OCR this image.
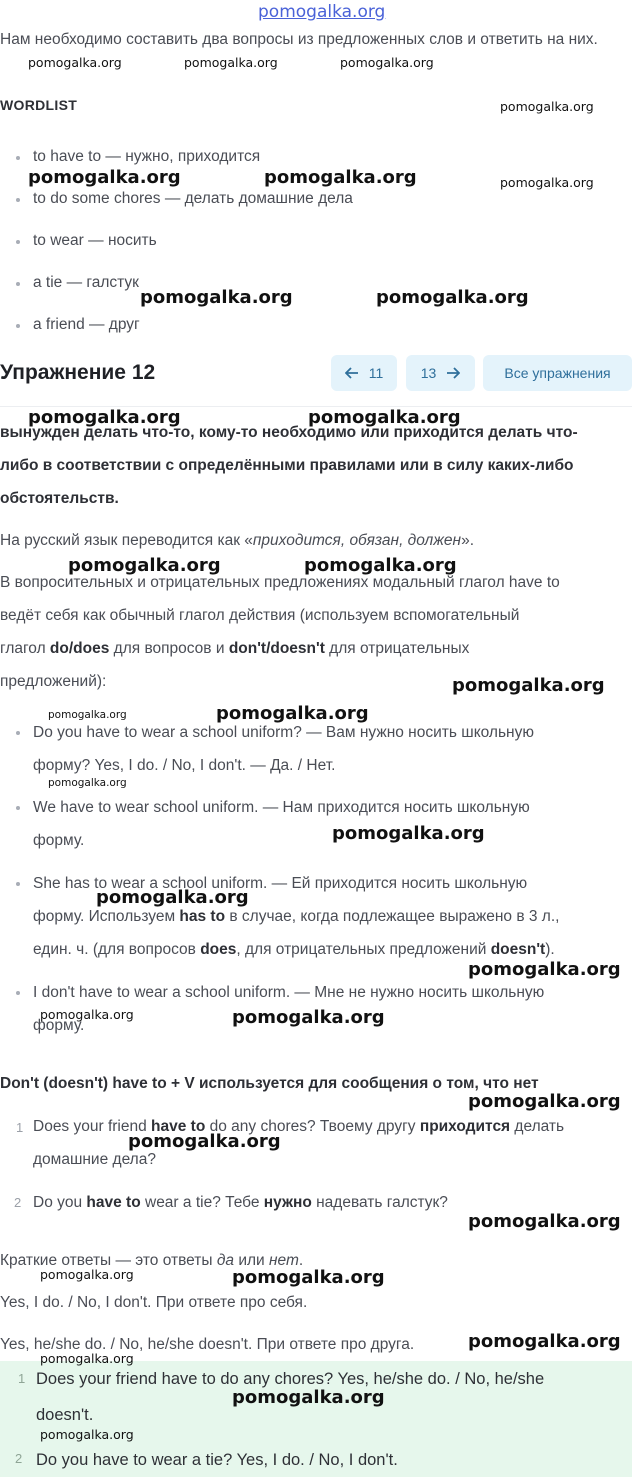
pomogalka.org
Нам необходимо составить два вопросы из предложенных слов и ответить на них.
WORDLIST
to have to — нужно, приходится
to do some chores — делать домашние дела
to wear — носить
a tie — галстук
a friend — друг
Упражнение 12	11	13	Все упражнения
вынужден делать что-то, кому-то необходимо или приходится делать что-
либо в соответствии с определёнными правилами или в силу каких-либо
обстоятельств.
На русский язык переводится как «приходится, обязан, должен».
В вопросительных и отрицательных предложениях модальный глагол have to
ведёт себя как обычный глагол действия (используем вспомогательный
глагол do/does для вопросов и don't/doesn't для отрицательных
предложений):
Do you have to wear a school uniform? — Вам нужно носить школьную
форму? Yes, I do. / No, I don't. — Да. / Нет.
We have to wear school uniform. — Нам приходится носить школьную
форму.
She has to wear a school uniform. — Ей приходится носить школьную
форму. Используем has to в случае, когда подлежащее выражено в 3 л.,
един. ч. (для вопросов does, для отрицательных предложений doesn't).
I don't have to wear a school uniform. — Мне не нужно носить школьную
форму.
Don't (doesn't) have to + V используется для сообщения о том, что нет
1 Does your friend have to do any chores? Твоему другу приходится делать
домашние дела?
2 Do you have to wear a tie? Тебе нужно надевать галстук?
Краткие ответы — это ответы да или нет.
Yes, I do. / No, I don't. При ответе про себя.
Yes, he/she do. / No, he/she doesn't. При ответе про друга.
1 Does your friend have to do any chores? Yes, he/she do. / No, he/she
doesn't.
2 Do you have to wear a tie? Yes, I do. / No, I don't.
pomogalka.org	pomogalka.org	pomogalka.org
pomogalka.org
pomogalka.org	pomogalka.org	pomogalka.org
pomogalka.org	pomogalka.org
pomogalka.org	pomogalka.org
pomogalka.org	pomogalka.org
pomogalka.org
pomogalka.org	pomogalka.org
pomogalka.org
pomogalka.org
pomogalka.org
pomogalka.org
pomogalka.org	pomogalka.org
pomogalka.org
pomogalka.org
pomogalka.org
pomogalka.org	pomogalka.org
pomogalka.org
pomogalka.org
pomogalka.org
pomogalka.org
